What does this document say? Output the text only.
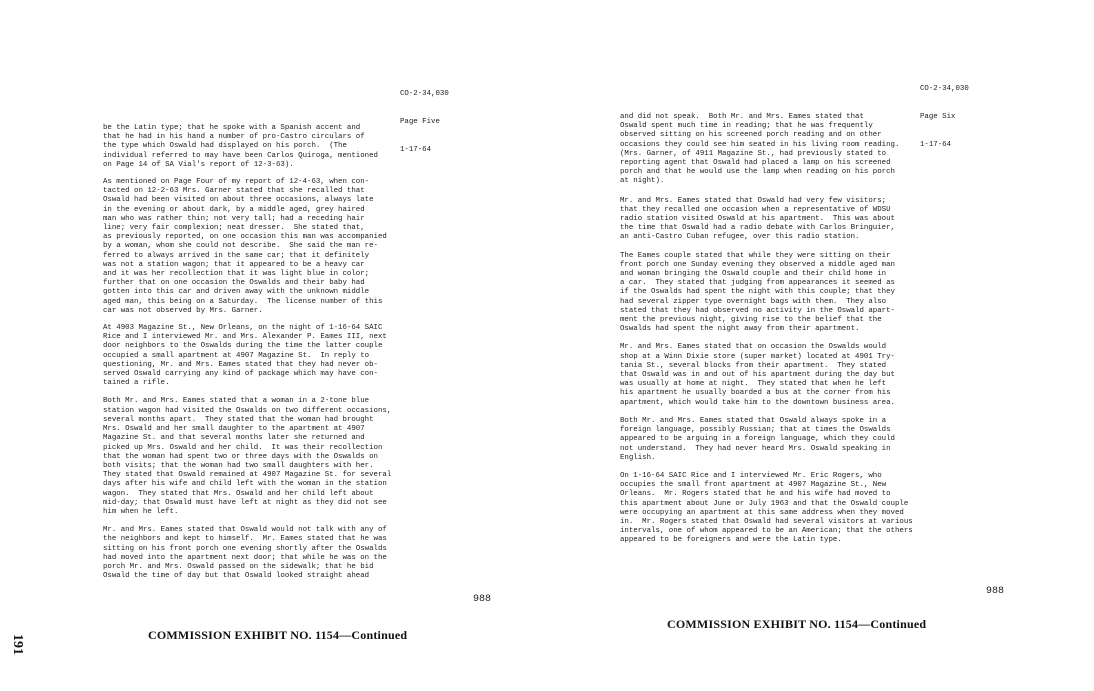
CO-2-34,030

Page Five

1-17-64

be the Latin type; that he spoke with a Spanish accent and
that he had in his hand a number of pro-Castro circulars of
the type which Oswald had displayed on his porch.  (The
individual referred to may have been Carlos Quiroga, mentioned
on Page 14 of SA Vial's report of 12-3-63).

As mentioned on Page Four of my report of 12-4-63, when con-
tacted on 12-2-63 Mrs. Garner stated that she recalled that
Oswald had been visited on about three occasions, always late
in the evening or about dark, by a middle aged, grey haired
man who was rather thin; not very tall; had a receding hair
line; very fair complexion; neat dresser.  She stated that,
as previously reported, on one occasion this man was accompanied
by a woman, whom she could not describe.  She said the man re-
ferred to always arrived in the same car; that it definitely
was not a station wagon; that it appeared to be a heavy car
and it was her recollection that it was light blue in color;
further that on one occasion the Oswalds and their baby had
gotten into this car and driven away with the unknown middle
aged man, this being on a Saturday.  The license number of this
car was not observed by Mrs. Garner.

At 4903 Magazine St., New Orleans, on the night of 1-16-64 SAIC
Rice and I interviewed Mr. and Mrs. Alexander P. Eames III, next
door neighbors to the Oswalds during the time the latter couple
occupied a small apartment at 4907 Magazine St.  In reply to
questioning, Mr. and Mrs. Eames stated that they had never ob-
served Oswald carrying any kind of package which may have con-
tained a rifle.

Both Mr. and Mrs. Eames stated that a woman in a 2-tone blue
station wagon had visited the Oswalds on two different occasions,
several months apart.  They stated that the woman had brought
Mrs. Oswald and her small daughter to the apartment at 4907
Magazine St. and that several months later she returned and
picked up Mrs. Oswald and her child.  It was their recollection
that the woman had spent two or three days with the Oswalds on
both visits; that the woman had two small daughters with her.
They stated that Oswald remained at 4907 Magazine St. for several
days after his wife and child left with the woman in the station
wagon.  They stated that Mrs. Oswald and her child left about
mid-day; that Oswald must have left at night as they did not see
him when he left.

Mr. and Mrs. Eames stated that Oswald would not talk with any of
the neighbors and kept to himself.  Mr. Eames stated that he was
sitting on his front porch one evening shortly after the Oswalds
had moved into the apartment next door; that while he was on the
porch Mr. and Mrs. Oswald passed on the sidewalk; that he bid
Oswald the time of day but that Oswald looked straight ahead

988
COMMISSION EXHIBIT NO. 1154—Continued
191

CO-2-34,030

Page Six

1-17-64

and did not speak.  Both Mr. and Mrs. Eames stated that
Oswald spent much time in reading; that he was frequently
observed sitting on his screened porch reading and on other
occasions they could see him seated in his living room reading.
(Mrs. Garner, of 4911 Magazine St., had previously stated to
reporting agent that Oswald had placed a lamp on his screened
porch and that he would use the lamp when reading on his porch
at night).

Mr. and Mrs. Eames stated that Oswald had very few visitors;
that they recalled one occasion when a representative of WDSU
radio station visited Oswald at his apartment.  This was about
the time that Oswald had a radio debate with Carlos Bringuier,
an anti-Castro Cuban refugee, over this radio station.

The Eames couple stated that while they were sitting on their
front porch one Sunday evening they observed a middle aged man
and woman bringing the Oswald couple and their child home in
a car.  They stated that judging from appearances it seemed as
if the Oswalds had spent the night with this couple; that they
had several zipper type overnight bags with them.  They also
stated that they had observed no activity in the Oswald apart-
ment the previous night, giving rise to the belief that the
Oswalds had spent the night away from their apartment.

Mr. and Mrs. Eames stated that on occasion the Oswalds would
shop at a Winn Dixie store (super market) located at 4901 Try-
tania St., several blocks from their apartment.  They stated
that Oswald was in and out of his apartment during the day but
was usually at home at night.  They stated that when he left
his apartment he usually boarded a bus at the corner from his
apartment, which would take him to the downtown business area.

Both Mr. and Mrs. Eames stated that Oswald always spoke in a
foreign language, possibly Russian; that at times the Oswalds
appeared to be arguing in a foreign language, which they could
not understand.  They had never heard Mrs. Oswald speaking in
English.

On 1-16-64 SAIC Rice and I interviewed Mr. Eric Rogers, who
occupies the small front apartment at 4907 Magazine St., New
Orleans.  Mr. Rogers stated that he and his wife had moved to
this apartment about June or July 1963 and that the Oswald couple
were occupying an apartment at this same address when they moved
in.  Mr. Rogers stated that Oswald had several visitors at various
intervals, one of whom appeared to be an American; that the others
appeared to be foreigners and were the Latin type.

988
COMMISSION EXHIBIT NO. 1154—Continued
